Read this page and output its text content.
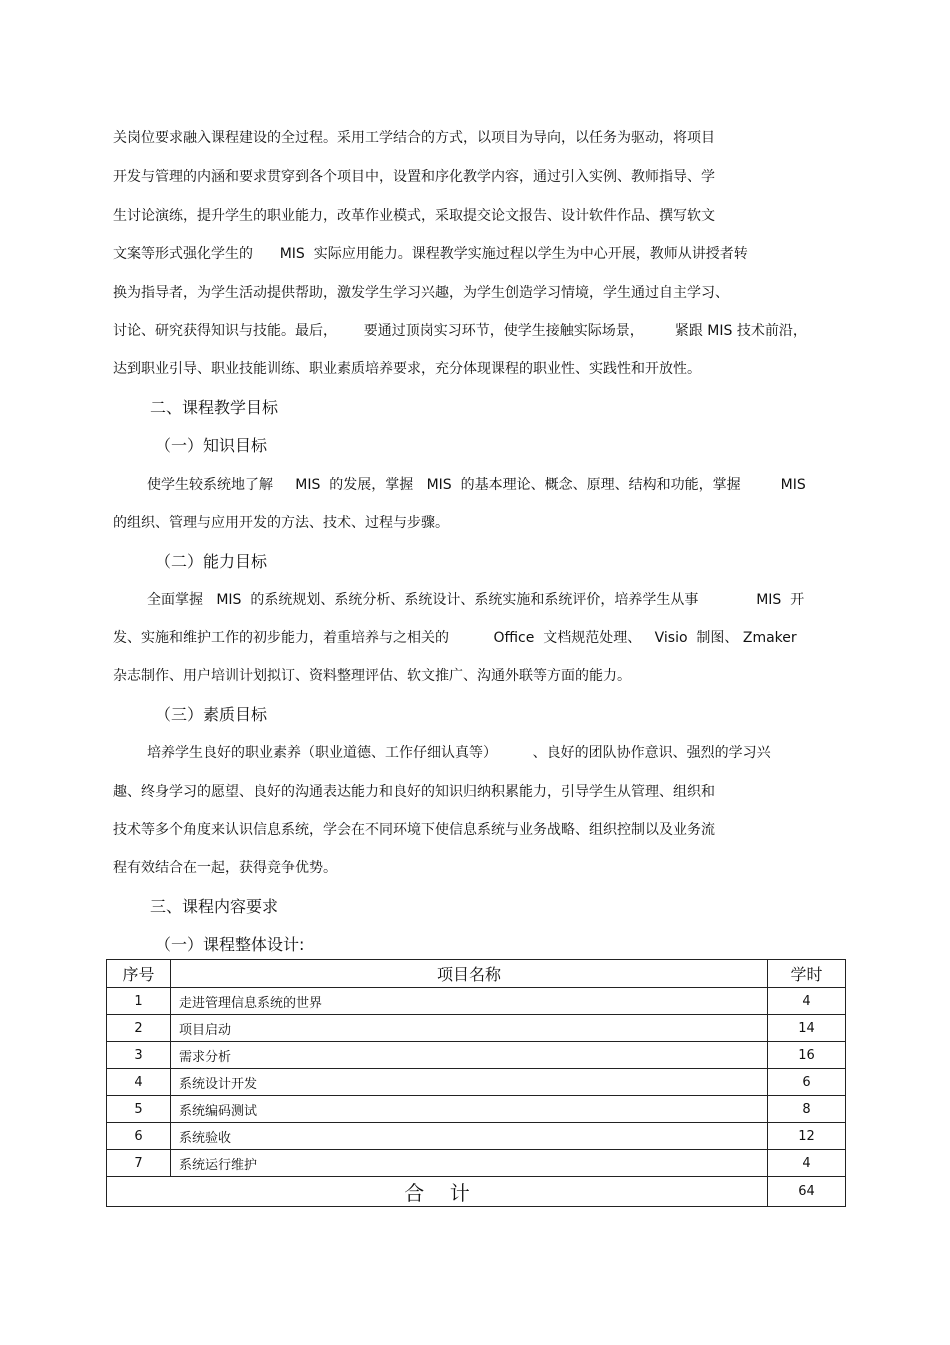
关岗位要求融入课程建设的全过程。采用工学结合的方式，以项目为导向，以任务为驱动，将项目
开发与管理的内涵和要求贯穿到各个项目中，设置和序化教学内容，通过引入实例、教师指导、学
生讨论演练，提升学生的职业能力，改革作业模式，采取提交论文报告、设计软件作品、撰写软文
文案等形式强化学生的      MIS  实际应用能力。课程教学实施过程以学生为中心开展，教师从讲授者转
换为指导者，为学生活动提供帮助，激发学生学习兴趣，为学生创造学习情境，学生通过自主学习、
讨论、研究获得知识与技能。最后，      要通过顶岗实习环节，使学生接触实际场景，       紧跟 MIS 技术前沿，
达到职业引导、职业技能训练、职业素质培养要求，充分体现课程的职业性、实践性和开放性。
二、课程教学目标
（一）知识目标
使学生较系统地了解     MIS  的发展，掌握   MIS  的基本理论、概念、原理、结构和功能，掌握         MIS
的组织、管理与应用开发的方法、技术、过程与步骤。
（二）能力目标
全面掌握   MIS  的系统规划、系统分析、系统设计、系统实施和系统评价，培养学生从事             MIS  开
发、实施和维护工作的初步能力，着重培养与之相关的          Office  文档规范处理、   Visio  制图、 Zmaker
杂志制作、用户培训计划拟订、资料整理评估、软文推广、沟通外联等方面的能力。
（三）素质目标
培养学生良好的职业素养（职业道德、工作仔细认真等）        、良好的团队协作意识、强烈的学习兴
趣、终身学习的愿望、良好的沟通表达能力和良好的知识归纳积累能力，引导学生从管理、组织和
技术等多个角度来认识信息系统，学会在不同环境下使信息系统与业务战略、组织控制以及业务流
程有效结合在一起，获得竞争优势。
三、课程内容要求
（一）课程整体设计:
序号	项目名称	学时
1	走进管理信息系统的世界	4
2	项目启动	14
3	需求分析	16
4	系统设计开发	6
5	系统编码测试	8
6	系统验收	12
7	系统运行维护	4
合    计		64
